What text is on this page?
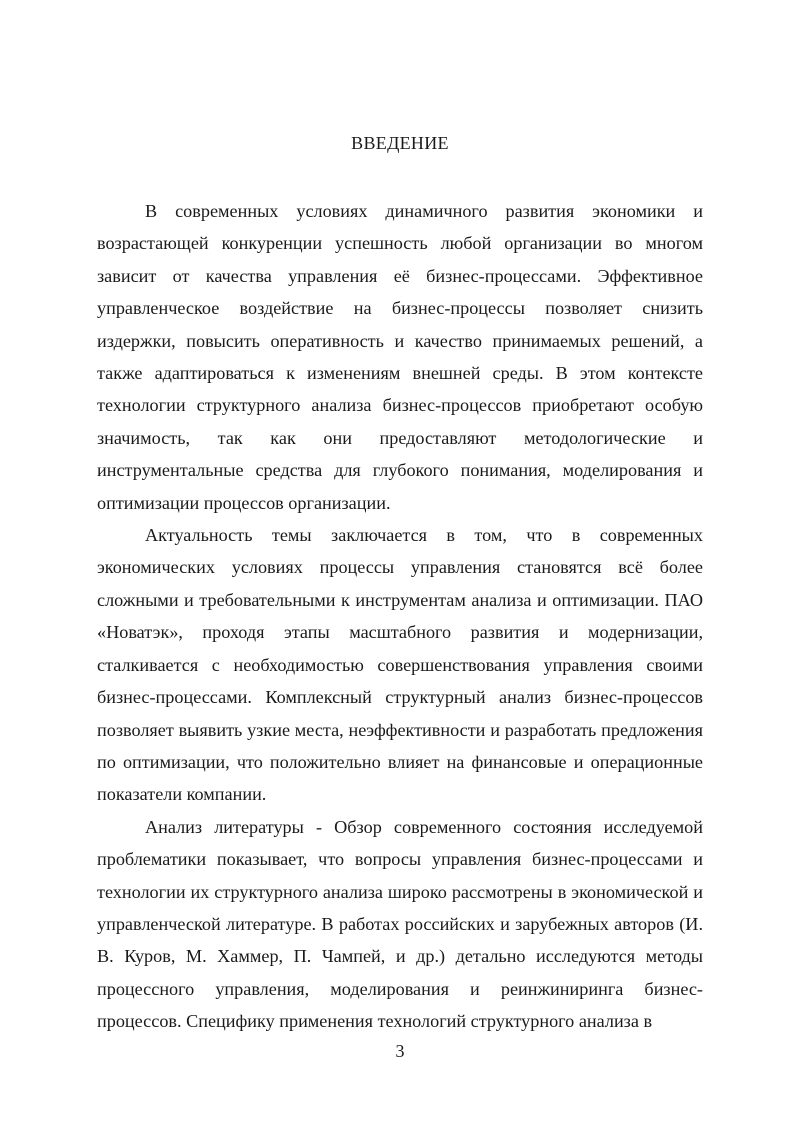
ВВЕДЕНИЕ

В современных условиях динамичного развития экономики и возрастающей конкуренции успешность любой организации во многом зависит от качества управления её бизнес-процессами. Эффективное управленческое воздействие на бизнес-процессы позволяет снизить издержки, повысить оперативность и качество принимаемых решений, а также адаптироваться к изменениям внешней среды. В этом контексте технологии структурного анализа бизнес-процессов приобретают особую значимость, так как они предоставляют методологические и инструментальные средства для глубокого понимания, моделирования и оптимизации процессов организации.

Актуальность темы заключается в том, что в современных экономических условиях процессы управления становятся всё более сложными и требовательными к инструментам анализа и оптимизации. ПАО «Новатэк», проходя этапы масштабного развития и модернизации, сталкивается с необходимостью совершенствования управления своими бизнес-процессами. Комплексный структурный анализ бизнес-процессов позволяет выявить узкие места, неэффективности и разработать предложения по оптимизации, что положительно влияет на финансовые и операционные показатели компании.

Анализ литературы - Обзор современного состояния исследуемой проблематики показывает, что вопросы управления бизнес-процессами и технологии их структурного анализа широко рассмотрены в экономической и управленческой литературе. В работах российских и зарубежных авторов (И. В. Куров, М. Хаммер, П. Чампей, и др.) детально исследуются методы процессного управления, моделирования и реинжиниринга бизнес-процессов. Специфику применения технологий структурного анализа в

3
